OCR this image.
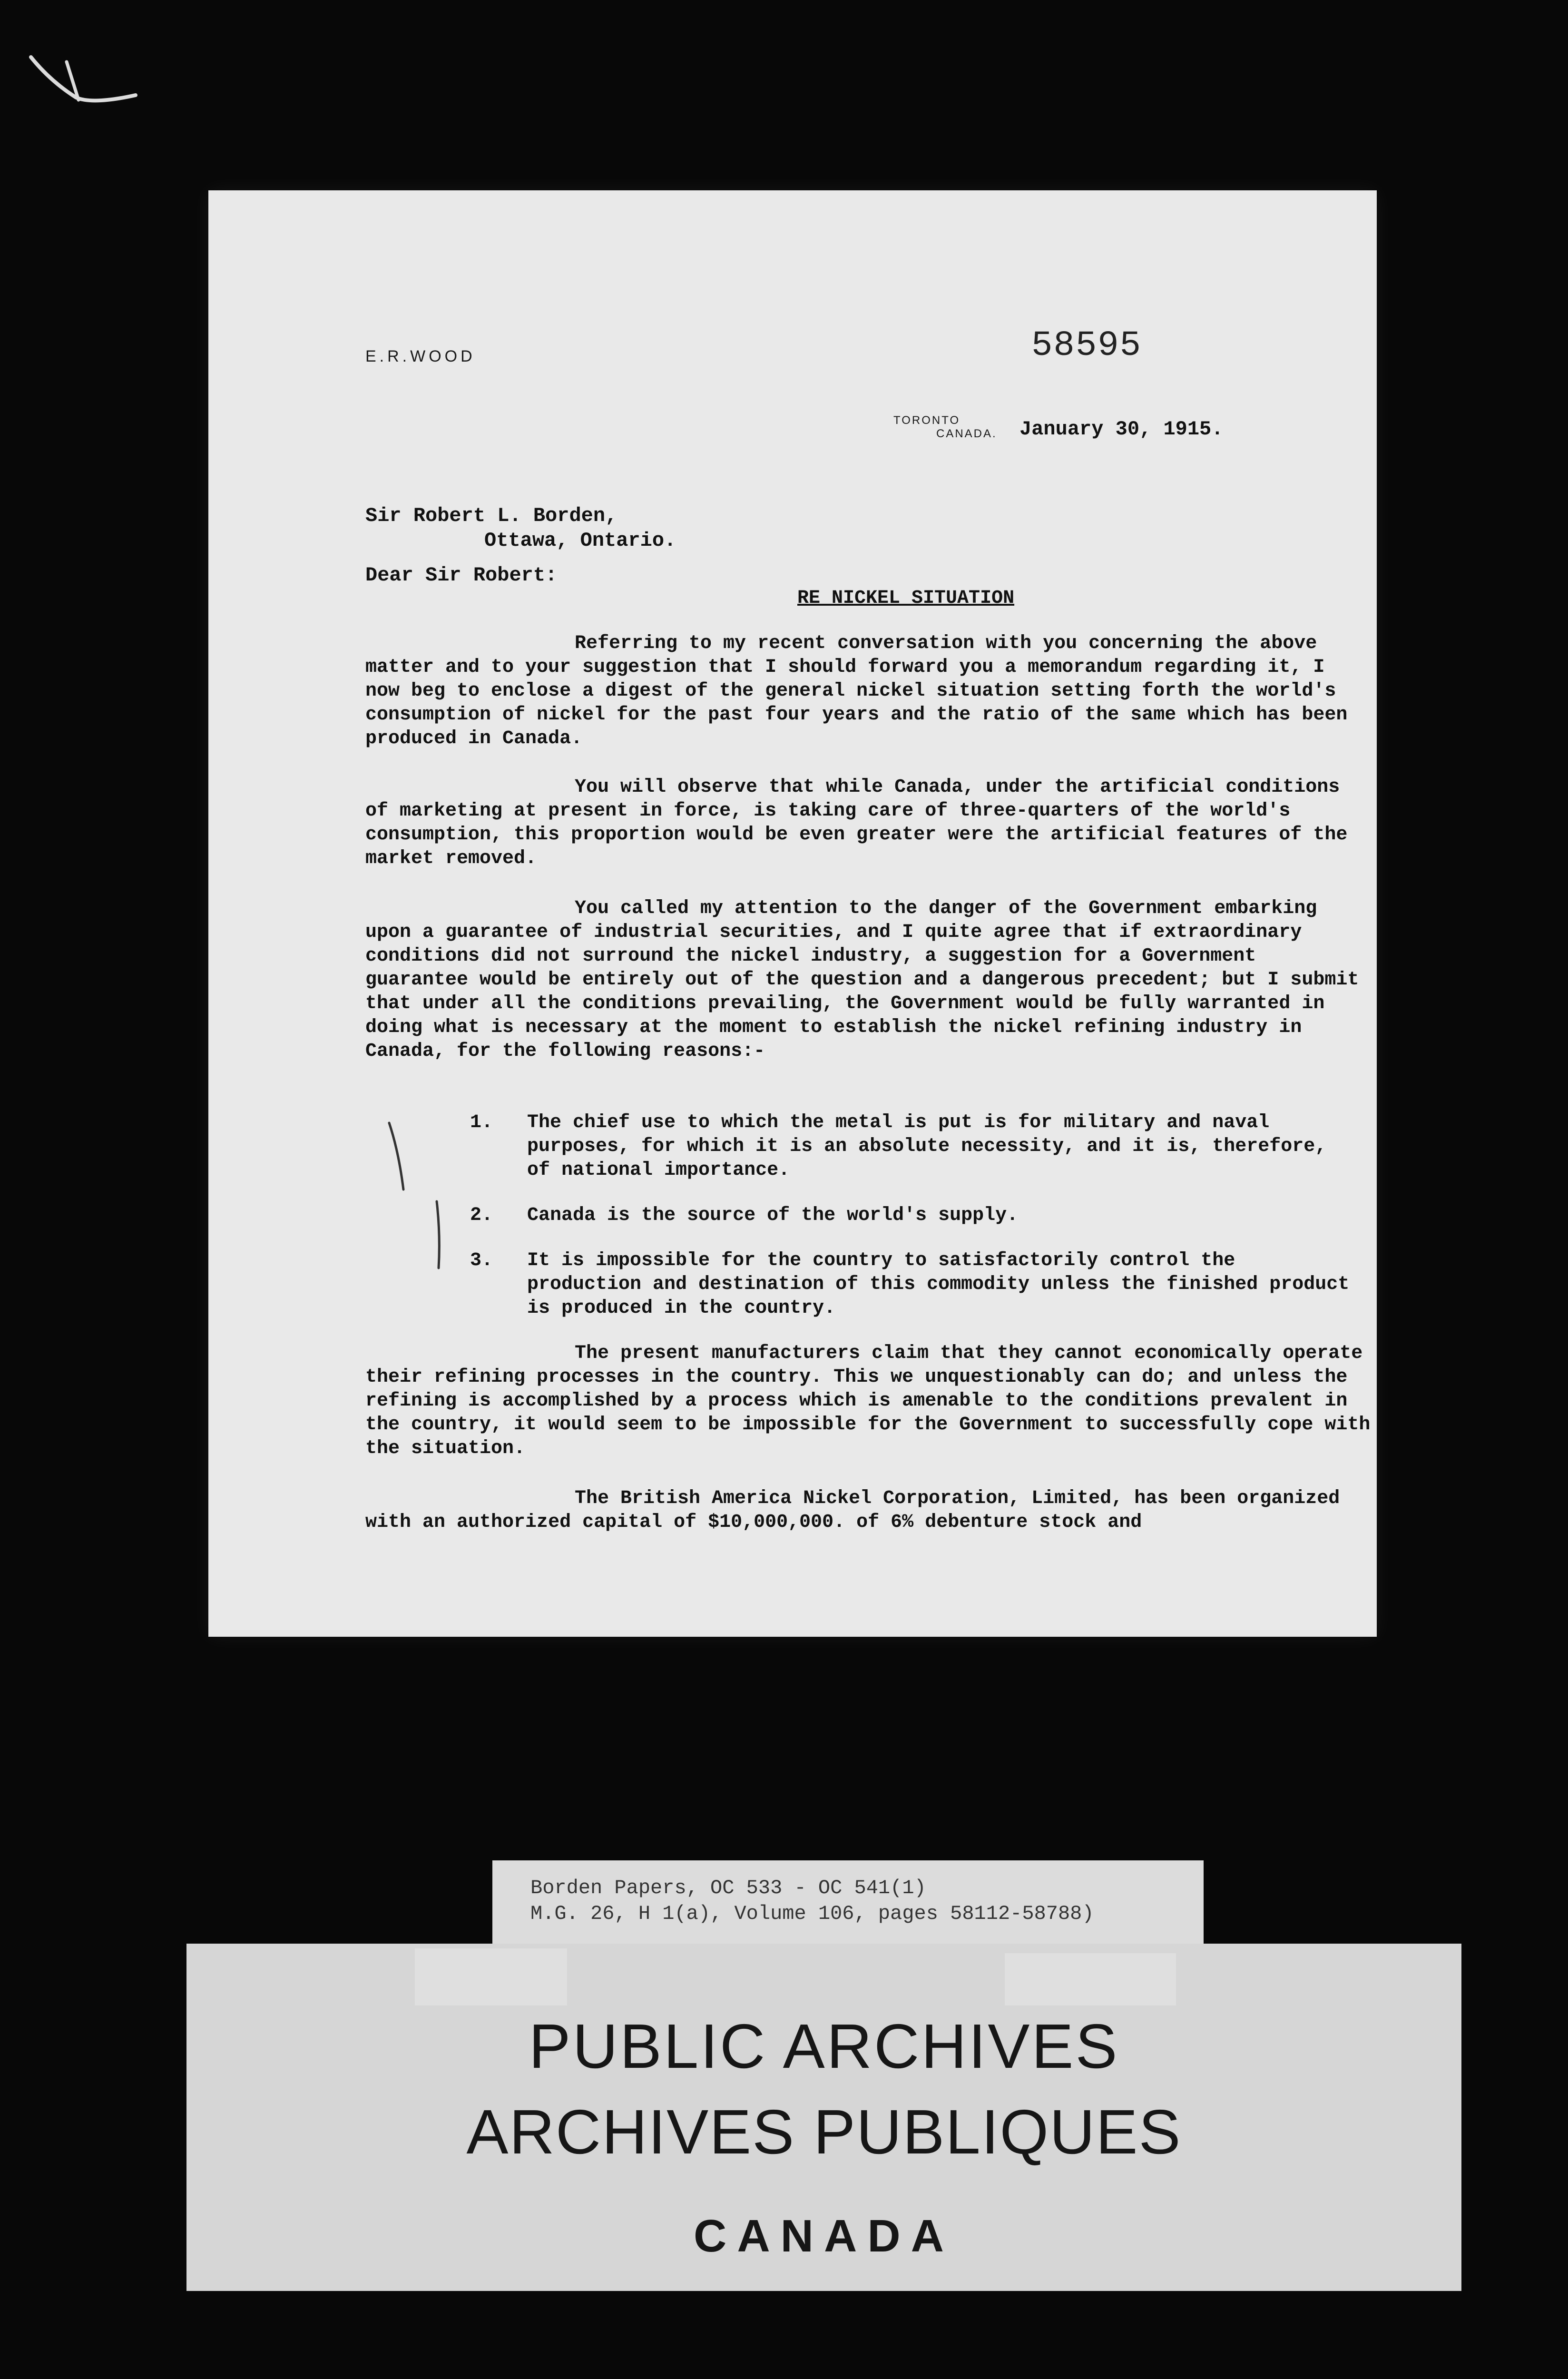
E.R.WOOD	58595
TORONTO
CANADA. January 30, 1915.
Sir Robert L. Borden,
Ottawa, Ontario.
Dear Sir Robert:
RE NICKEL SITUATION
Referring to my recent conversation with you concerning the above matter and to your suggestion that I should forward you a memorandum regarding it, I now beg to enclose a digest of the general nickel situation setting forth the world's consumption of nickel for the past four years and the ratio of the same which has been produced in Canada.
You will observe that while Canada, under the artificial conditions of marketing at present in force, is taking care of three-quarters of the world's consumption, this proportion would be even greater were the artificial features of the market removed.
You called my attention to the danger of the Government embarking upon a guarantee of industrial securities, and I quite agree that if extraordinary conditions did not surround the nickel industry, a suggestion for a Government guarantee would be entirely out of the question and a dangerous precedent; but I submit that under all the conditions prevailing, the Government would be fully warranted in doing what is necessary at the moment to establish the nickel refining industry in Canada, for the following reasons:-
1.	The chief use to which the metal is put is for military and naval purposes, for which it is an absolute necessity, and it is, therefore, of national importance.
2.	Canada is the source of the world's supply.
3.	It is impossible for the country to satisfactorily control the production and destination of this commodity unless the finished product is produced in the country.
The present manufacturers claim that they cannot economically operate their refining processes in the country. This we unquestionably can do; and unless the refining is accomplished by a process which is amenable to the conditions prevalent in the country, it would seem to be impossible for the Government to successfully cope with the situation.
The British America Nickel Corporation, Limited, has been organized with an authorized capital of $10,000,000. of 6% debenture stock and
Borden Papers, OC 533 - OC 541(1)
M.G. 26, H 1(a), Volume 106, pages 58112-58788)
PUBLIC ARCHIVES
ARCHIVES PUBLIQUES
CANADA
